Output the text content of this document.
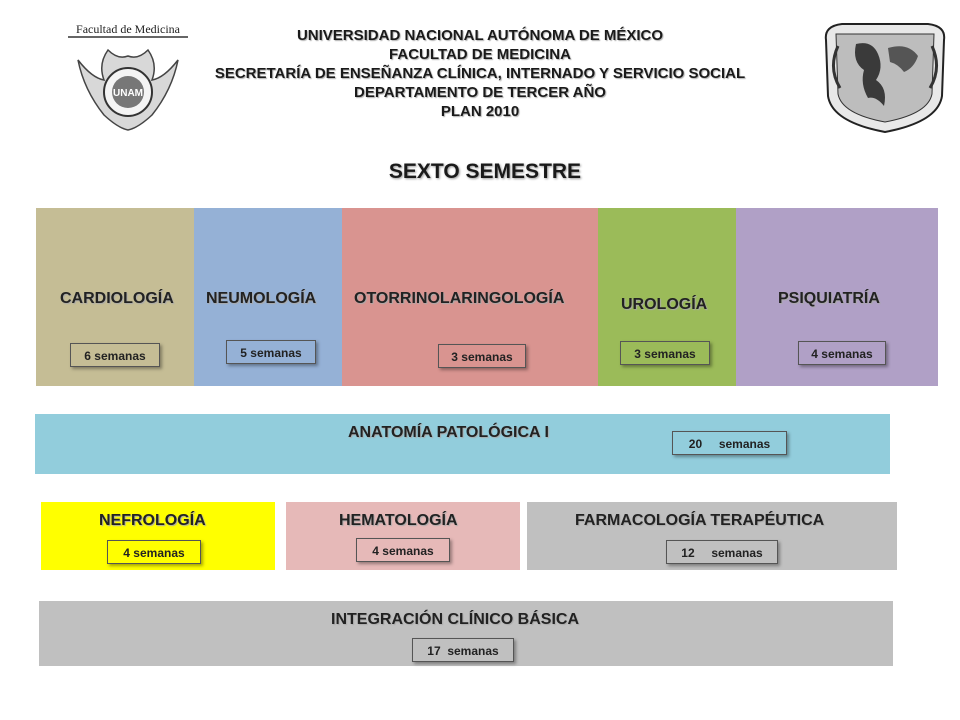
Facultad de Medicina
UNAM
UNIVERSIDAD NACIONAL AUTÓNOMA DE MÉXICO
FACULTAD DE MEDICINA
SECRETARÍA DE ENSEÑANZA CLÍNICA, INTERNADO Y SERVICIO SOCIAL
DEPARTAMENTO DE TERCER AÑO
PLAN 2010
SEXTO SEMESTRE
CARDIOLOGÍA
6 semanas
NEUMOLOGÍA
5 semanas
OTORRINOLARINGOLOGÍA
3 semanas
UROLOGÍA
3 semanas
PSIQUIATRÍA
4 semanas
ANATOMÍA PATOLÓGICA I
20     semanas
NEFROLOGÍA
4 semanas
HEMATOLOGÍA
4 semanas
FARMACOLOGÍA TERAPÉUTICA
12     semanas
INTEGRACIÓN CLÍNICO BÁSICA
17  semanas
